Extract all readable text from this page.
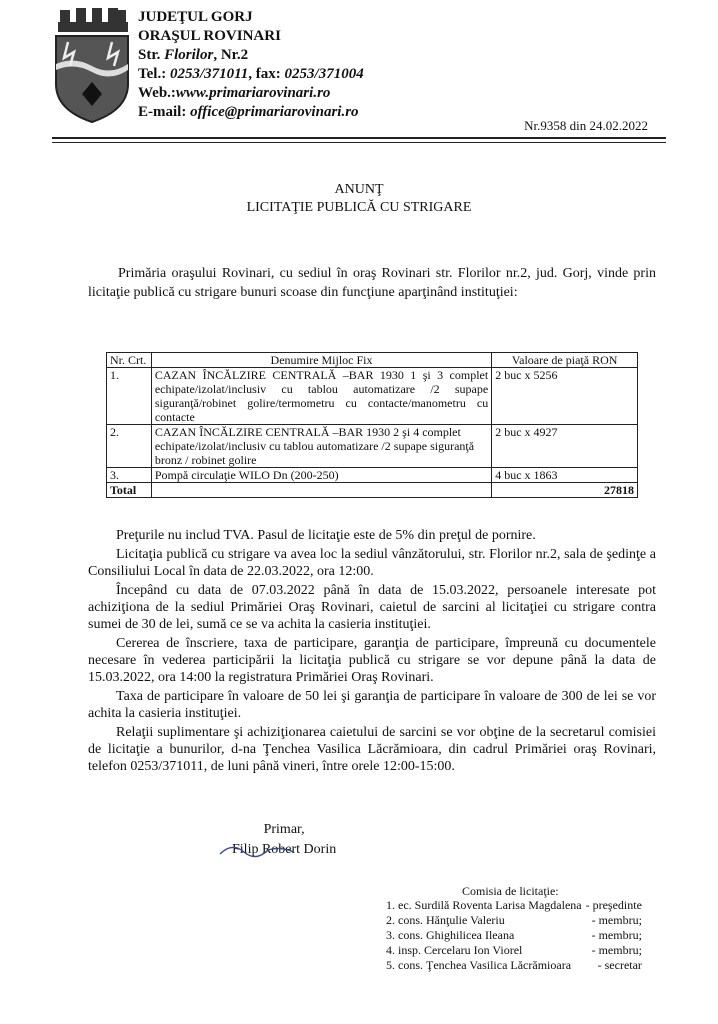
JUDEŢUL GORJ
ORAŞUL ROVINARI
Str. Florilor, Nr.2
Tel.: 0253/371011, fax: 0253/371004
Web.:www.primariarovinari.ro
E-mail: office@primariarovinari.ro
Nr.9358 din 24.02.2022
ANUNŢ
LICITAŢIE PUBLICĂ CU STRIGARE
Primăria oraşului Rovinari, cu sediul în oraş Rovinari str. Florilor nr.2, jud. Gorj, vinde prin licitaţie publică cu strigare bunuri scoase din funcţiune aparţinând instituţiei:
Nr. Crt.	Denumire Mijloc Fix	Valoare de piaţă RON
1.	CAZAN ÎNCĂLZIRE CENTRALĂ –BAR 1930 1 şi 3 complet echipate/izolat/inclusiv cu tablou automatizare /2 supape siguranţă/robinet golire/termometru cu contacte/manometru cu contacte	2 buc x 5256
2.	CAZAN ÎNCĂLZIRE CENTRALĂ –BAR 1930 2 şi 4 complet echipate/izolat/inclusiv cu tablou automatizare /2 supape siguranţă bronz / robinet golire	2 buc x 4927
3.	Pompă circulaţie WILO Dn (200-250)	4 buc x 1863
Total		27818

Preţurile nu includ TVA. Pasul de licitaţie este de 5% din preţul de pornire.

Licitaţia publică cu strigare va avea loc la sediul vânzătorului, str. Florilor nr.2, sala de şedinţe a Consiliului Local în data de 22.03.2022, ora 12:00.

Începând cu data de 07.03.2022 până în data de 15.03.2022, persoanele interesate pot achiziţiona de la sediul Primăriei Oraş Rovinari, caietul de sarcini al licitaţiei cu strigare contra sumei de 30 de lei, sumă ce se va achita la casieria instituţiei.

Cererea de înscriere, taxa de participare, garanţia de participare, împreună cu documentele necesare în vederea participării la licitaţia publică cu strigare se vor depune până la data de 15.03.2022, ora 14:00 la registratura Primăriei Oraş Rovinari.

Taxa de participare în valoare de 50 lei şi garanţia de participare în valoare de 300 de lei se vor achita la casieria instituţiei.

Relaţii suplimentare şi achiziţionarea caietului de sarcini se vor obţine de la secretarul comisiei de licitaţie a bunurilor, d-na Ţenchea Vasilica Lăcrămioara, din cadrul Primăriei oraş Rovinari, telefon 0253/371011, de luni până vineri, între orele 12:00-15:00.

Primar,
Filip Robert Dorin
Comisia de licitaţie:
1. ec. Surdilă Roventa Larisa Magdalena	- preşedinte
2. cons. Hănţulie Valeriu	- membru;
3. cons. Ghighilicea Ileana	- membru;
4. insp. Cercelaru Ion Viorel	- membru;
5. cons. Ţenchea Vasilica Lăcrămioara	- secretar
